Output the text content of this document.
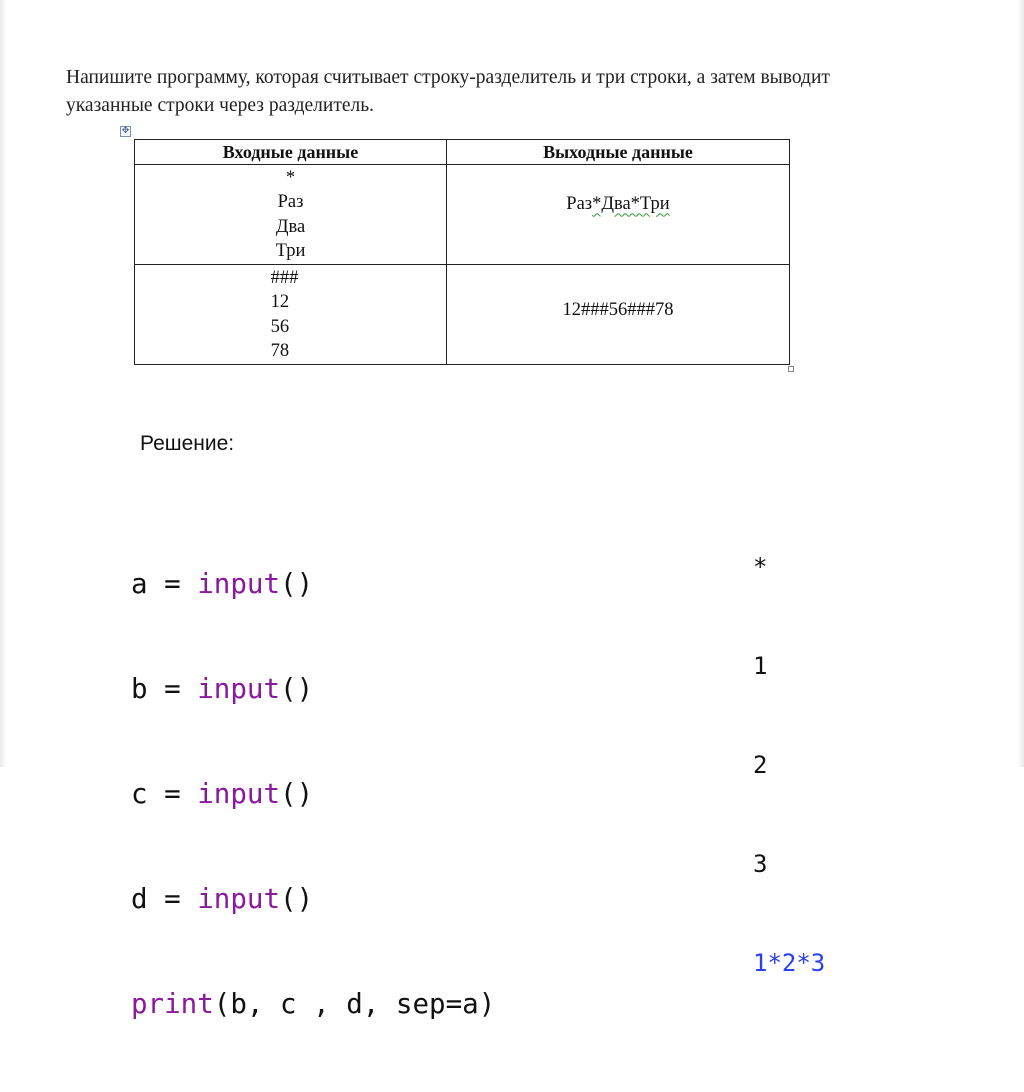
Напишите программу, которая считывает строку-разделитель и три строки, а затем выводит
указанные строки через разделитель.
✥
Входные данные	Выходные данные

*
Раз
Два
Три	Раз*Два*Три

###
12
56
78	12###56###78
Решение:

a = input()

b = input()

c = input()

d = input()

print(b, c , d, sep=a)

*

1

2

3

1*2*3
